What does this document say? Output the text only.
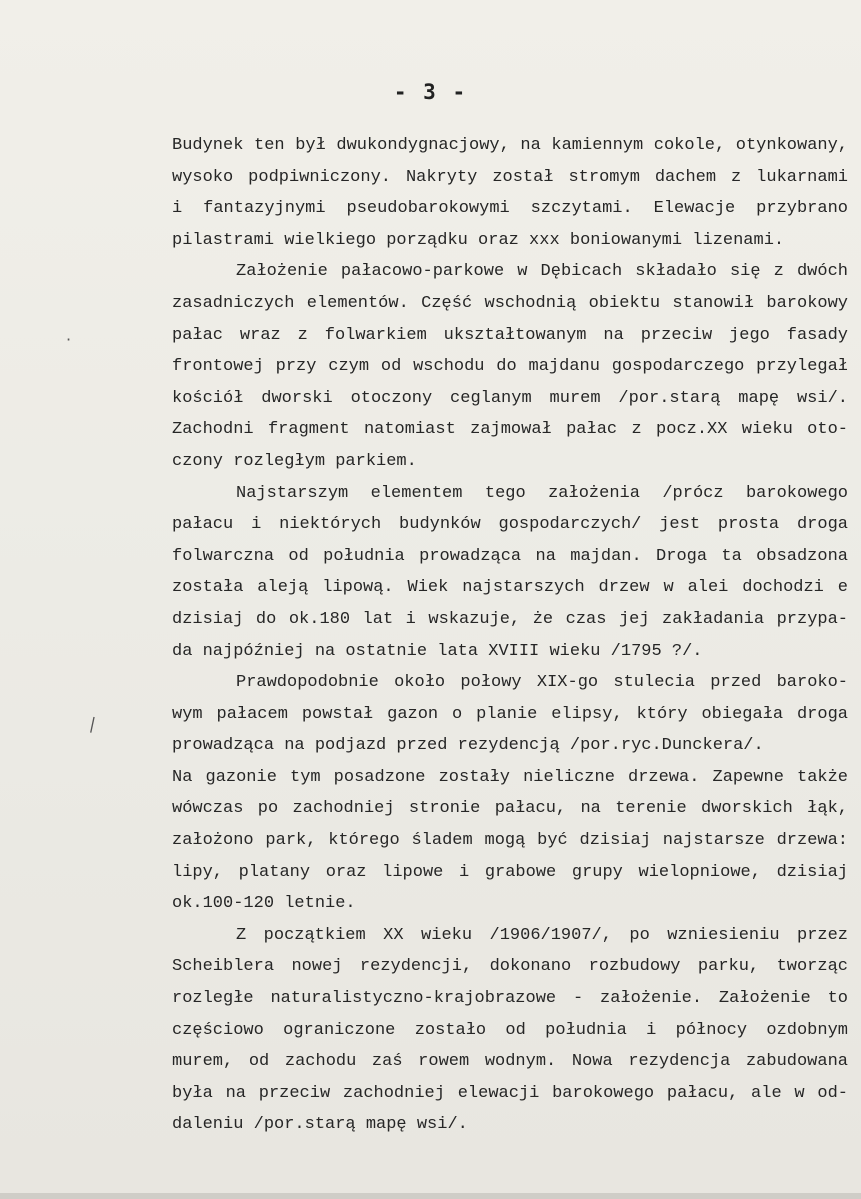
- 3 -
Budynek ten był dwukondygnacjowy, na kamiennym cokole, otynkowany,
wysoko podpiwniczony. Nakryty został stromym dachem z lukarnami
i fantazyjnymi pseudobarokowymi szczytami. Elewacje przybrano
pilastrami wielkiego porządku oraz xxx boniowanymi lizenami.
Założenie pałacowo-parkowe w Dębicach składało się z dwóch
zasadniczych elementów. Część wschodnią obiektu stanowił barokowy
pałac wraz z folwarkiem ukształtowanym na przeciw jego fasady
frontowej przy czym od wschodu do majdanu gospodarczego przylegał
kościół dworski otoczony ceglanym murem /por.starą mapę wsi/.
Zachodni fragment natomiast zajmował pałac z pocz.XX wieku oto-
czony rozległym parkiem.
Najstarszym elementem tego założenia /prócz barokowego
pałacu i niektórych budynków gospodarczych/ jest prosta droga
folwarczna od południa prowadząca na majdan. Droga ta obsadzona
została aleją lipową. Wiek najstarszych drzew w alei dochodzi e
dzisiaj do ok.180 lat i wskazuje, że czas jej zakładania przypa-
da najpóźniej na ostatnie lata XVIII wieku /1795 ?/.
Prawdopodobnie około połowy XIX-go stulecia przed baroko-
wym pałacem powstał gazon o planie elipsy, który obiegała droga
prowadząca na podjazd przed rezydencją /por.ryc.Dunckera/.
Na gazonie tym posadzone zostały nieliczne drzewa. Zapewne także
wówczas po zachodniej stronie pałacu, na terenie dworskich łąk,
założono park, którego śladem mogą być dzisiaj najstarsze drzewa:
lipy, platany oraz lipowe i grabowe grupy wielopniowe, dzisiaj
ok.100-120 letnie.
Z początkiem XX wieku /1906/1907/, po wzniesieniu przez
Scheiblera nowej rezydencji, dokonano rozbudowy parku, tworząc
rozległe naturalistyczno-krajobrazowe - założenie. Założenie to
częściowo ograniczone zostało od południa i północy ozdobnym
murem, od zachodu zaś rowem wodnym. Nowa rezydencja zabudowana
była na przeciw zachodniej elewacji barokowego pałacu, ale w od-
daleniu /por.starą mapę wsi/.
·
|
